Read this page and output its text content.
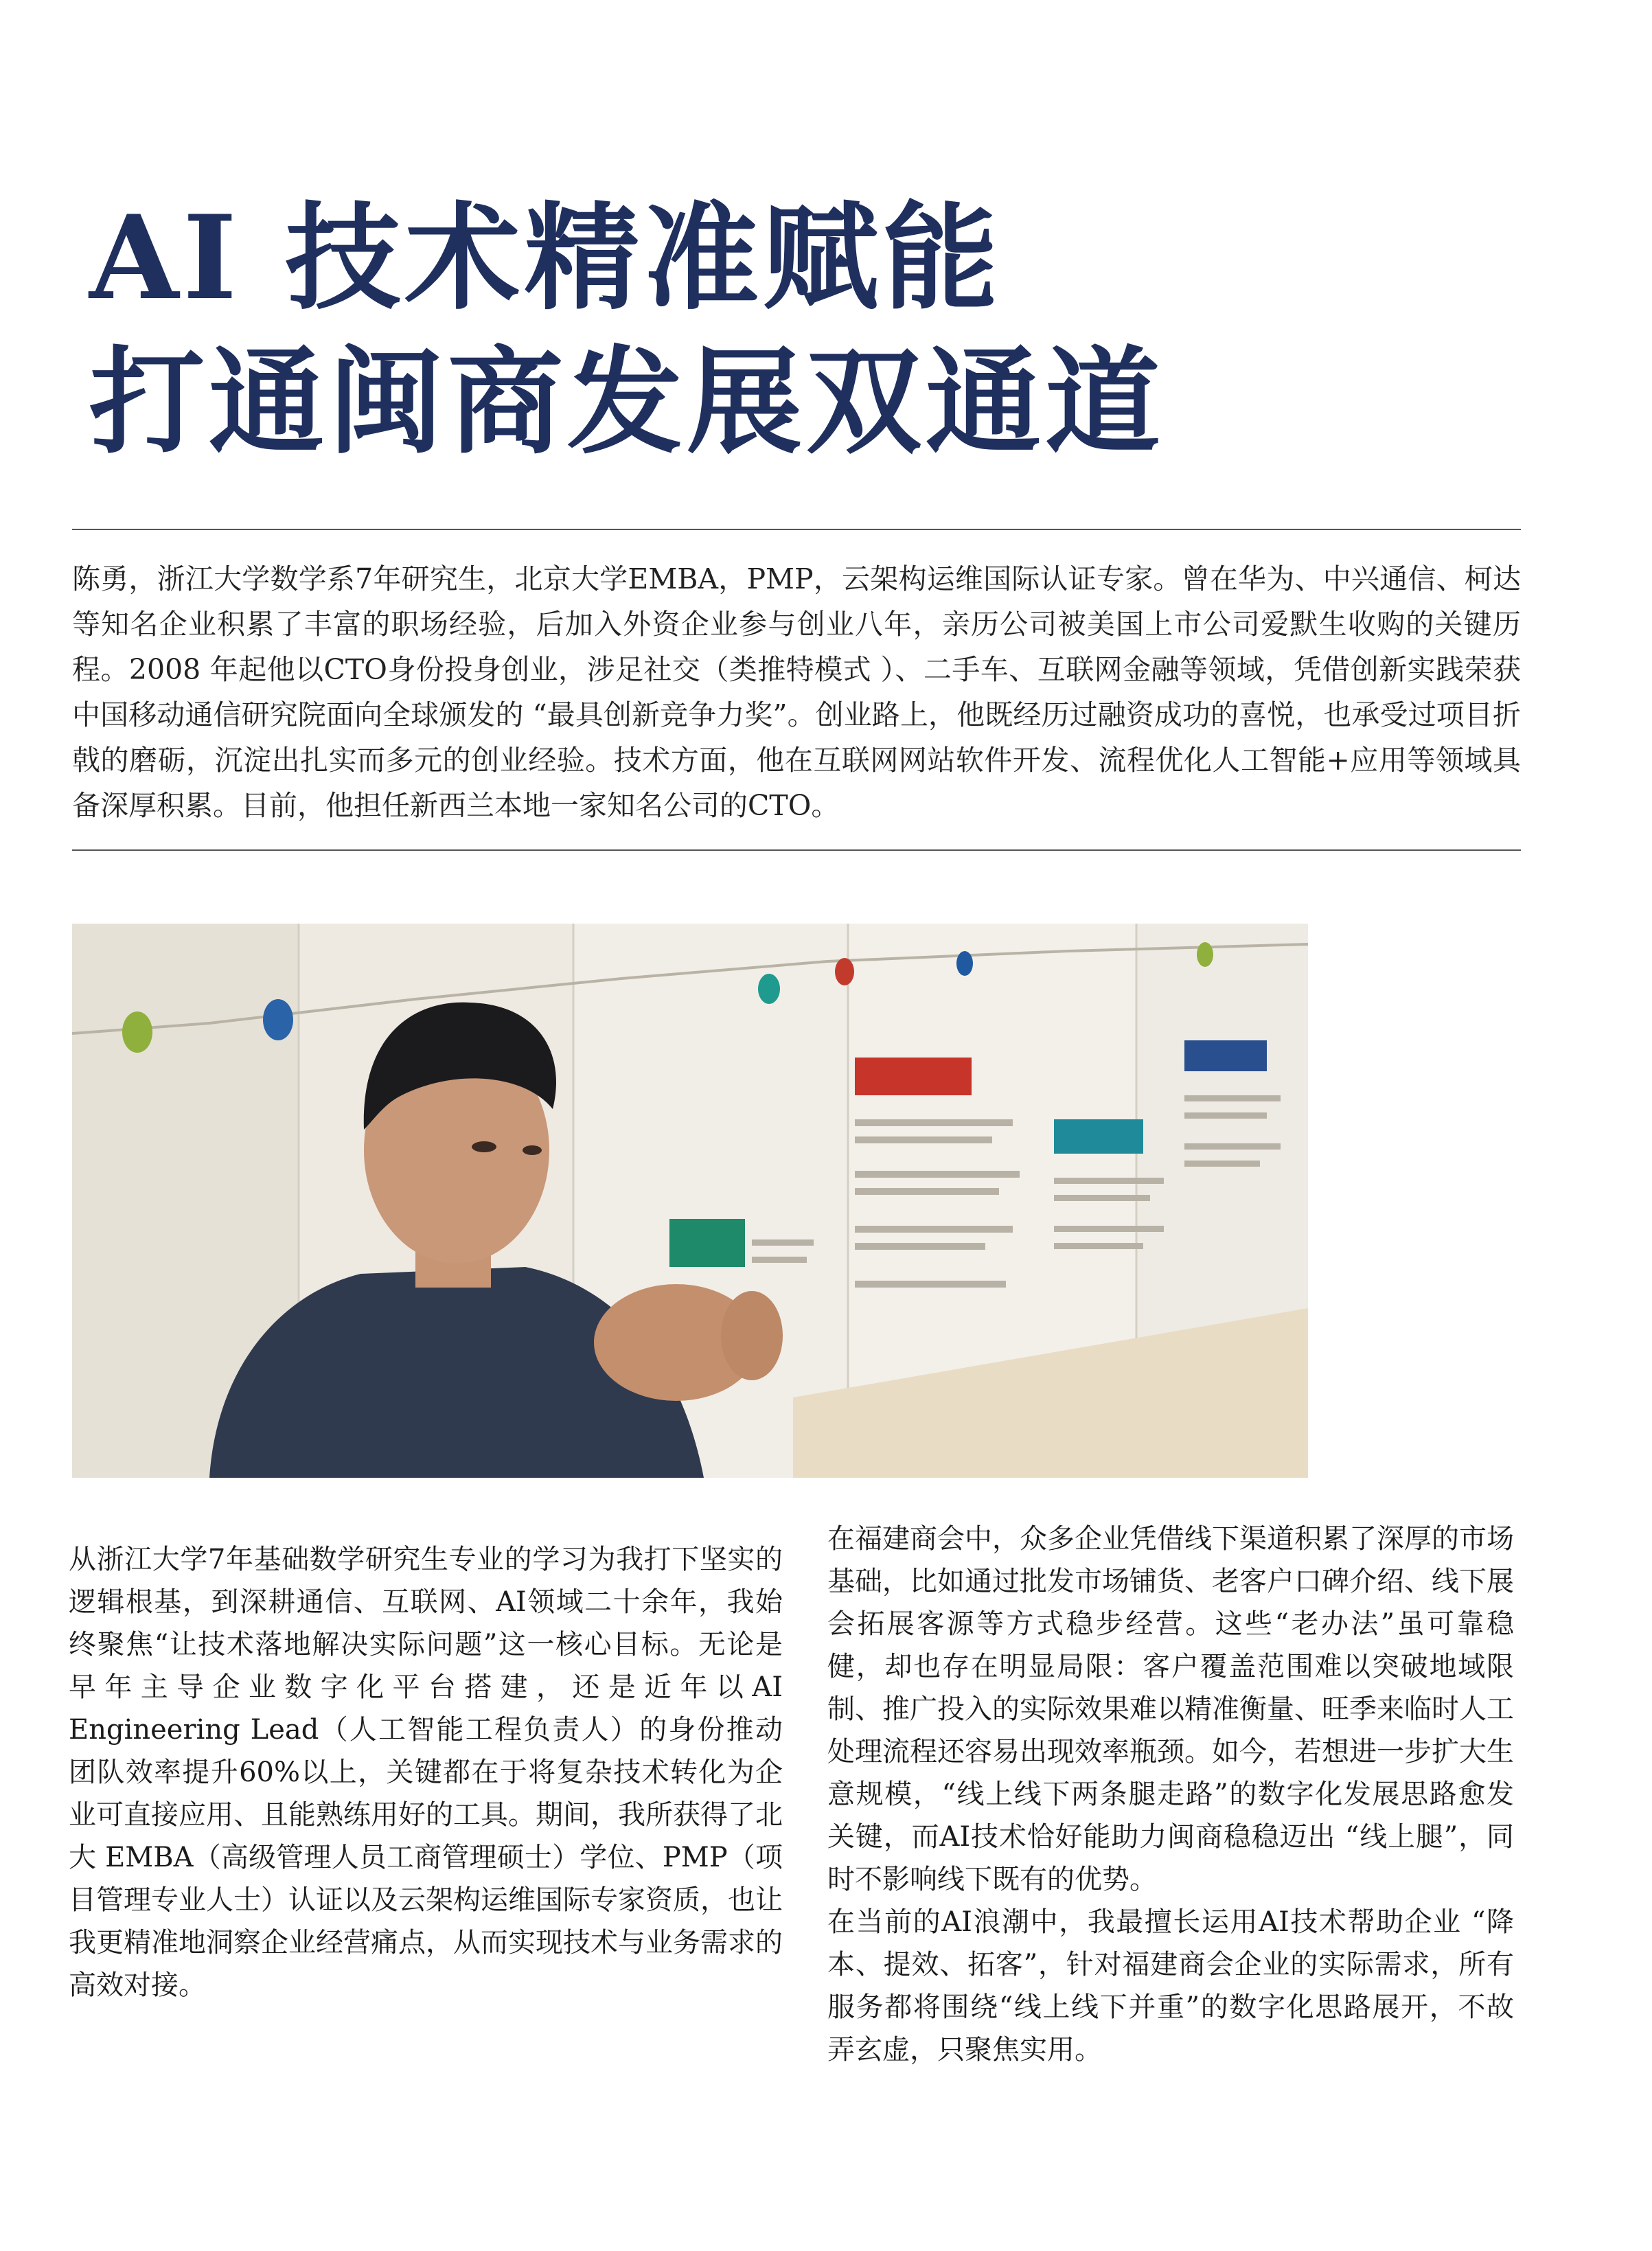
AI 技术精准赋能
打通闽商发展双通道

陈勇，浙江大学数学系7年研究生，北京大学EMBA，PMP，云架构运维国际认证专家。曾在华为、中兴通信、柯达等知名企业积累了丰富的职场经验，后加入外资企业参与创业八年，亲历公司被美国上市公司爱默生收购的关键历程。2008 年起他以CTO身份投身创业，涉足社交（类推特模式 ）、二手车、互联网金融等领域，凭借创新实践荣获中国移动通信研究院面向全球颁发的 “最具创新竞争力奖”。创业路上，他既经历过融资成功的喜悦，也承受过项目折戟的磨砺，沉淀出扎实而多元的创业经验。技术方面，他在互联网网站软件开发、流程优化人工智能+应用等领域具备深厚积累。目前，他担任新西兰本地一家知名公司的CTO。

从浙江大学7年基础数学研究生专业的学习为我打下坚实的逻辑根基，到深耕通信、互联网、AI领域二十余年，我始终聚焦“让技术落地解决实际问题”这一核心目标。无论是早年主导企业数字化平台搭建，还是近年以AI Engineering Lead（人工智能工程负责人）的身份推动团队效率提升60%以上，关键都在于将复杂技术转化为企业可直接应用、且能熟练用好的工具。期间，我所获得了北大 EMBA（高级管理人员工商管理硕士）学位、PMP（项目管理专业人士）认证以及云架构运维国际专家资质，也让我更精准地洞察企业经营痛点，从而实现技术与业务需求的高效对接。

在福建商会中，众多企业凭借线下渠道积累了深厚的市场基础，比如通过批发市场铺货、老客户口碑介绍、线下展会拓展客源等方式稳步经营。这些“老办法”虽可靠稳健，却也存在明显局限：客户覆盖范围难以突破地域限制、推广投入的实际效果难以精准衡量、旺季来临时人工处理流程还容易出现效率瓶颈。如今，若想进一步扩大生意规模，“线上线下两条腿走路”的数字化发展思路愈发关键，而AI技术恰好能助力闽商稳稳迈出 “线上腿”，同时不影响线下既有的优势。

在当前的AI浪潮中，我最擅长运用AI技术帮助企业 “降本、提效、拓客”，针对福建商会企业的实际需求，所有服务都将围绕“线上线下并重”的数字化思路展开，不故弄玄虚，只聚焦实用。
